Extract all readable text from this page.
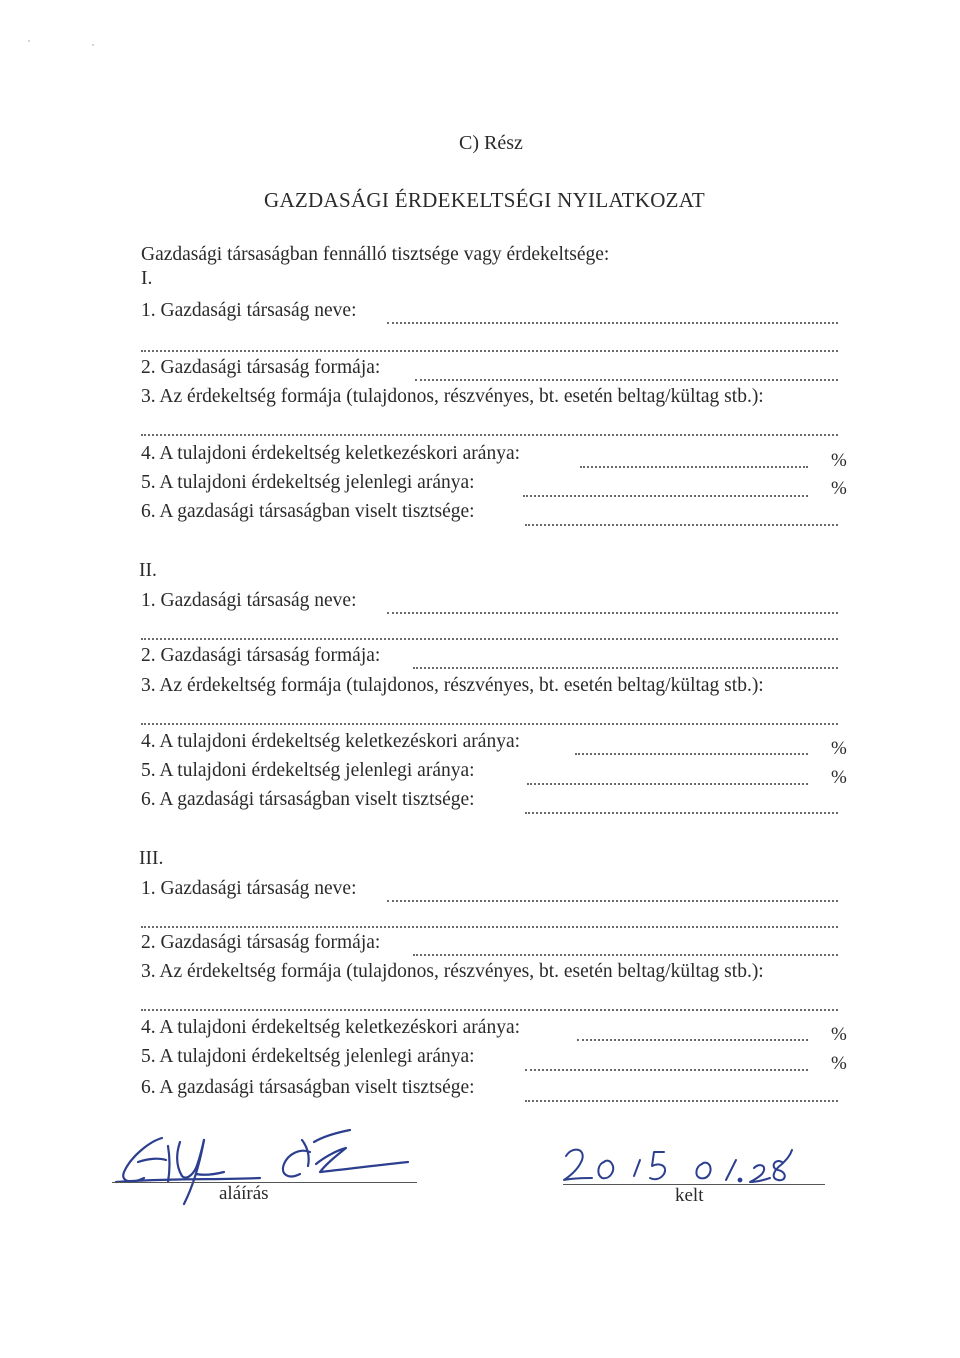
C) Rész
GAZDASÁGI ÉRDEKELTSÉGI NYILATKOZAT
Gazdasági társaságban fennálló tisztsége vagy érdekeltsége:
I.
1. Gazdasági társaság neve:
2. Gazdasági társaság formája:
3. Az érdekeltség formája (tulajdonos, részvényes, bt. esetén beltag/kültag stb.):
4. A tulajdoni érdekeltség keletkezéskori aránya:	%
5. A tulajdoni érdekeltség jelenlegi aránya:	%
6. A gazdasági társaságban viselt tisztsége:
II.
1. Gazdasági társaság neve:
2. Gazdasági társaság formája:
3. Az érdekeltség formája (tulajdonos, részvényes, bt. esetén beltag/kültag stb.):
4. A tulajdoni érdekeltség keletkezéskori aránya:	%
5. A tulajdoni érdekeltség jelenlegi aránya:	%
6. A gazdasági társaságban viselt tisztsége:
III.
1. Gazdasági társaság neve:
2. Gazdasági társaság formája:
3. Az érdekeltség formája (tulajdonos, részvényes, bt. esetén beltag/kültag stb.):
4. A tulajdoni érdekeltség keletkezéskori aránya:	%
5. A tulajdoni érdekeltség jelenlegi aránya:	%
6. A gazdasági társaságban viselt tisztsége:
aláírás	kelt
